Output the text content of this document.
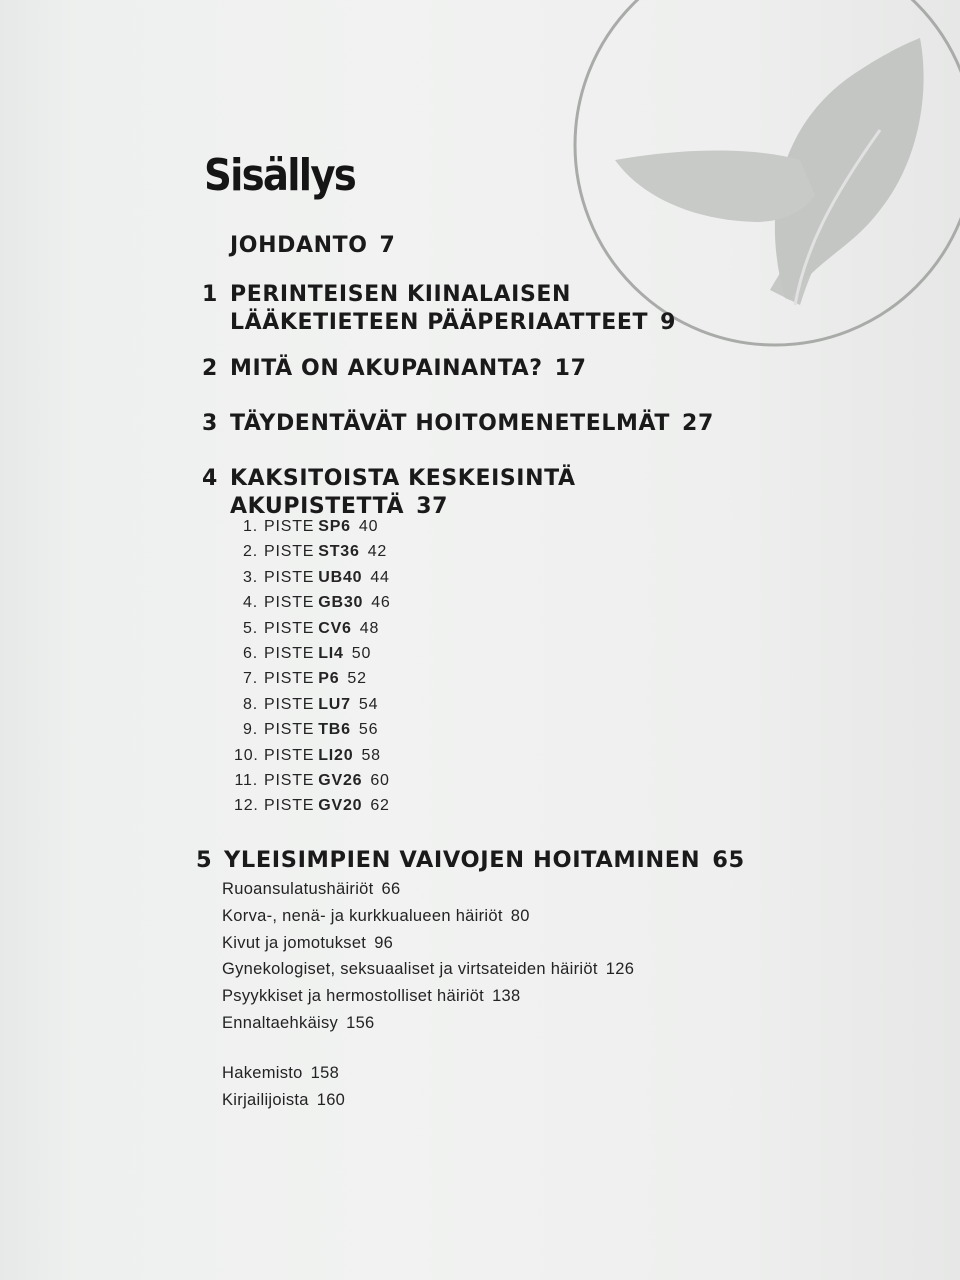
Sisällys
JOHDANTO 7
1 PERINTEISEN KIINALAISEN
LÄÄKETIETEEN PÄÄPERIAATTEET 9
2 MITÄ ON AKUPAINANTA? 17
3 TÄYDENTÄVÄT HOITOMENETELMÄT 27
4 KAKSITOISTA KESKEISINTÄ
AKUPISTETTÄ 37
1. PISTE SP6 40
2. PISTE ST36 42
3. PISTE UB40 44
4. PISTE GB30 46
5. PISTE CV6 48
6. PISTE LI4 50
7. PISTE P6 52
8. PISTE LU7 54
9. PISTE TB6 56
10. PISTE LI20 58
11. PISTE GV26 60
12. PISTE GV20 62
5 YLEISIMPIEN VAIVOJEN HOITAMINEN 65
Ruoansulatushäiriöt 66
Korva-, nenä- ja kurkkualueen häiriöt 80
Kivut ja jomotukset 96
Gynekologiset, seksuaaliset ja virtsateiden häiriöt 126
Psyykkiset ja hermostolliset häiriöt 138
Ennaltaehkäisy 156
Hakemisto 158
Kirjailijoista 160
